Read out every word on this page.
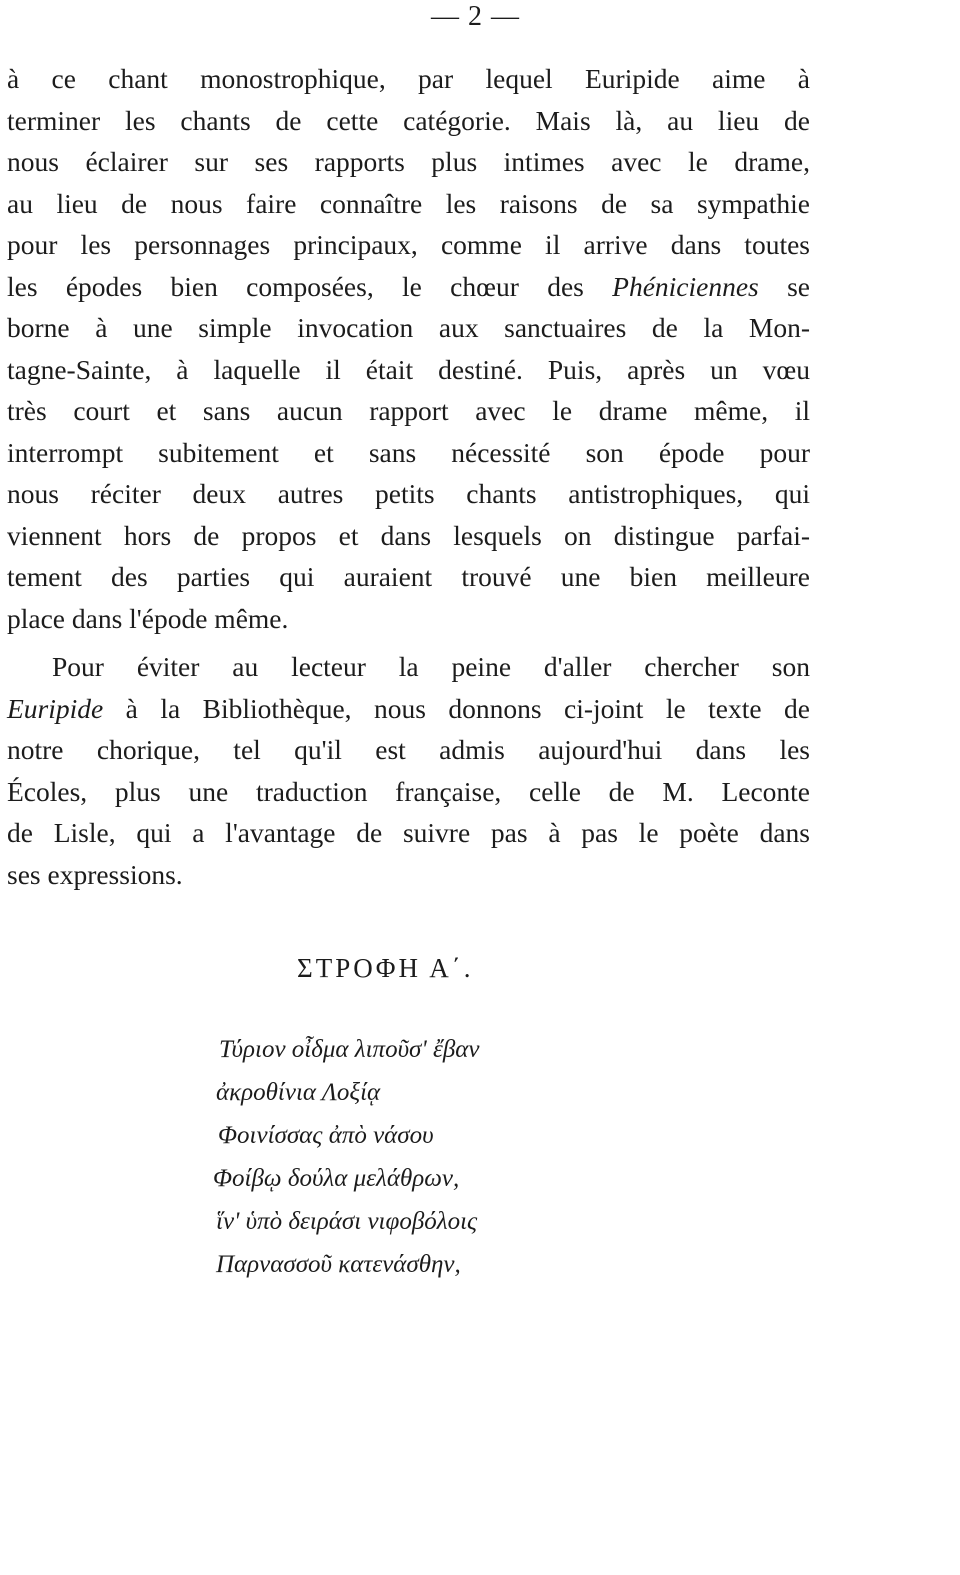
— 2 —
à ce chant monostrophique, par lequel Euripide aime à
terminer les chants de cette catégorie. Mais là, au lieu de
nous éclairer sur ses rapports plus intimes avec le drame,
au lieu de nous faire connaître les raisons de sa sympathie
pour les personnages principaux, comme il arrive dans toutes
les épodes bien composées, le chœur des Phéniciennes se
borne à une simple invocation aux sanctuaires de la Mon-
tagne-Sainte, à laquelle il était destiné. Puis, après un vœu
très court et sans aucun rapport avec le drame même, il
interrompt subitement et sans nécessité son épode pour
nous réciter deux autres petits chants antistrophiques, qui
viennent hors de propos et dans lesquels on distingue parfai-
tement des parties qui auraient trouvé une bien meilleure
place dans l'épode même.
Pour éviter au lecteur la peine d'aller chercher son
Euripide à la Bibliothèque, nous donnons ci-joint le texte de
notre chorique, tel qu'il est admis aujourd'hui dans les
Écoles, plus une traduction française, celle de M. Leconte
de Lisle, qui a l'avantage de suivre pas à pas le poète dans
ses expressions.
ΣΤΡΟΦΗ Α΄.
Τύριον οἶδμα λιποῦσ' ἔβαν
ἀκροθίνια Λοξίᾳ
Φοινίσσας ἀπὸ νάσου
Φοίβῳ δούλα μελάθρων,
ἵν' ὑπὸ δειράσι νιφοβόλοις
Παρνασσοῦ κατενάσθην,
